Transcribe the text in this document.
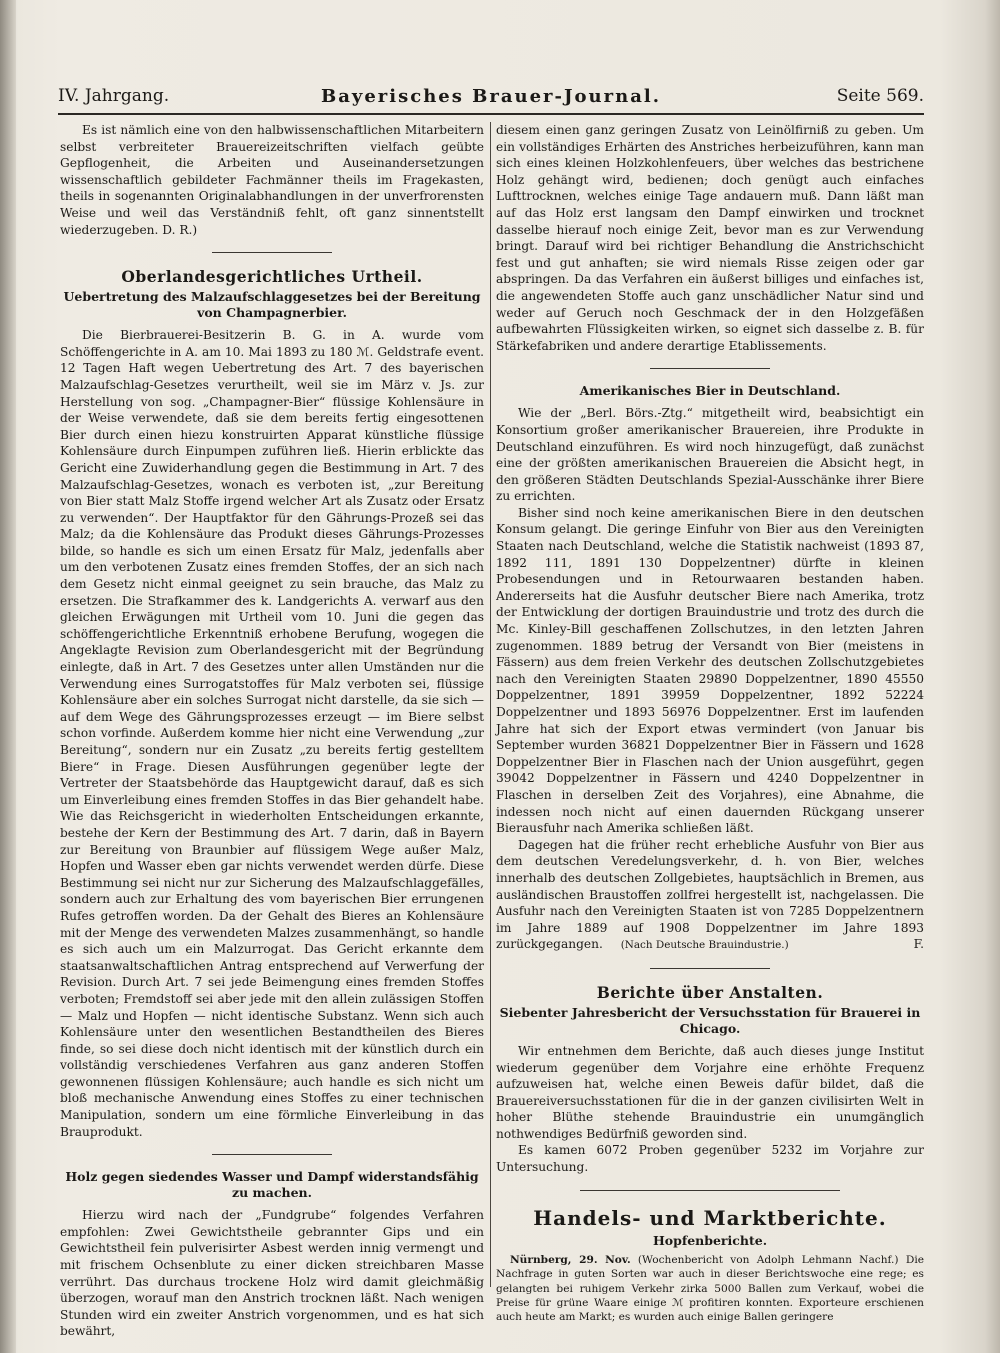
IV. Jahrgang.	Bayerisches Brauer-Journal.	Seite 569.

Es ist nämlich eine von den halbwissenschaftlichen Mitarbeitern selbst verbreiteter Brauereizeitschriften vielfach geübte Gepflogenheit, die Arbeiten und Auseinandersetzungen wissenschaftlich gebildeter Fachmänner theils im Fragekasten, theils in sogenannten Originalabhandlungen in der unverfrorensten Weise und weil das Verständniß fehlt, oft ganz sinnentstellt wiederzugeben. D. R.)

Oberlandesgerichtliches Urtheil.
Uebertretung des Malzaufschlaggesetzes bei der Bereitung von Champagnerbier.

Die Bierbrauerei-Besitzerin B. G. in A. wurde vom Schöffengerichte in A. am 10. Mai 1893 zu 180 ℳ. Geldstrafe event. 12 Tagen Haft wegen Uebertretung des Art. 7 des bayerischen Malzaufschlag-Gesetzes verurtheilt, weil sie im März v. Js. zur Herstellung von sog. „Champagner-Bier“ flüssige Kohlensäure in der Weise verwendete, daß sie dem bereits fertig eingesottenen Bier durch einen hiezu konstruirten Apparat künstliche flüssige Kohlensäure durch Einpumpen zuführen ließ. Hierin erblickte das Gericht eine Zuwiderhandlung gegen die Bestimmung in Art. 7 des Malzaufschlag-Gesetzes, wonach es verboten ist, „zur Bereitung von Bier statt Malz Stoffe irgend welcher Art als Zusatz oder Ersatz zu verwenden“. Der Hauptfaktor für den Gährungs-Prozeß sei das Malz; da die Kohlensäure das Produkt dieses Gährungs-Prozesses bilde, so handle es sich um einen Ersatz für Malz, jedenfalls aber um den verbotenen Zusatz eines fremden Stoffes, der an sich nach dem Gesetz nicht einmal geeignet zu sein brauche, das Malz zu ersetzen. Die Strafkammer des k. Landgerichts A. verwarf aus den gleichen Erwägungen mit Urtheil vom 10. Juni die gegen das schöffengerichtliche Erkenntniß erhobene Berufung, wogegen die Angeklagte Revision zum Oberlandesgericht mit der Begründung einlegte, daß in Art. 7 des Gesetzes unter allen Umständen nur die Verwendung eines Surrogatstoffes für Malz verboten sei, flüssige Kohlensäure aber ein solches Surrogat nicht darstelle, da sie sich — auf dem Wege des Gährungsprozesses erzeugt — im Biere selbst schon vorfinde. Außerdem komme hier nicht eine Verwendung „zur Bereitung“, sondern nur ein Zusatz „zu bereits fertig gestelltem Biere“ in Frage. Diesen Ausführungen gegenüber legte der Vertreter der Staatsbehörde das Hauptgewicht darauf, daß es sich um Einverleibung eines fremden Stoffes in das Bier gehandelt habe. Wie das Reichsgericht in wiederholten Entscheidungen erkannte, bestehe der Kern der Bestimmung des Art. 7 darin, daß in Bayern zur Bereitung von Braunbier auf flüssigem Wege außer Malz, Hopfen und Wasser eben gar nichts verwendet werden dürfe. Diese Bestimmung sei nicht nur zur Sicherung des Malzaufschlaggefälles, sondern auch zur Erhaltung des vom bayerischen Bier errungenen Rufes getroffen worden. Da der Gehalt des Bieres an Kohlensäure mit der Menge des verwendeten Malzes zusammenhängt, so handle es sich auch um ein Malzurrogat. Das Gericht erkannte dem staatsanwaltschaftlichen Antrag entsprechend auf Verwerfung der Revision. Durch Art. 7 sei jede Beimengung eines fremden Stoffes verboten; Fremdstoff sei aber jede mit den allein zulässigen Stoffen — Malz und Hopfen — nicht identische Substanz. Wenn sich auch Kohlensäure unter den wesentlichen Bestandtheilen des Bieres finde, so sei diese doch nicht identisch mit der künstlich durch ein vollständig verschiedenes Verfahren aus ganz anderen Stoffen gewonnenen flüssigen Kohlensäure; auch handle es sich nicht um bloß mechanische Anwendung eines Stoffes zu einer technischen Manipulation, sondern um eine förmliche Einverleibung in das Brauprodukt.

Holz gegen siedendes Wasser und Dampf widerstandsfähig zu machen.

Hierzu wird nach der „Fundgrube“ folgendes Verfahren empfohlen: Zwei Gewichtstheile gebrannter Gips und ein Gewichtstheil fein pulverisirter Asbest werden innig vermengt und mit frischem Ochsenblute zu einer dicken streichbaren Masse verrührt. Das durchaus trockene Holz wird damit gleichmäßig überzogen, worauf man den Anstrich trocknen läßt. Nach wenigen Stunden wird ein zweiter Anstrich vorgenommen, und es hat sich bewährt,

diesem einen ganz geringen Zusatz von Leinölfirniß zu geben. Um ein vollständiges Erhärten des Anstriches herbeizuführen, kann man sich eines kleinen Holzkohlenfeuers, über welches das bestrichene Holz gehängt wird, bedienen; doch genügt auch einfaches Lufttrocknen, welches einige Tage andauern muß. Dann läßt man auf das Holz erst langsam den Dampf einwirken und trocknet dasselbe hierauf noch einige Zeit, bevor man es zur Verwendung bringt. Darauf wird bei richtiger Behandlung die Anstrichschicht fest und gut anhaften; sie wird niemals Risse zeigen oder gar abspringen. Da das Verfahren ein äußerst billiges und einfaches ist, die angewendeten Stoffe auch ganz unschädlicher Natur sind und weder auf Geruch noch Geschmack der in den Holzgefäßen aufbewahrten Flüssigkeiten wirken, so eignet sich dasselbe z. B. für Stärkefabriken und andere derartige Etablissements.

Amerikanisches Bier in Deutschland.

Wie der „Berl. Börs.-Ztg.“ mitgetheilt wird, beabsichtigt ein Konsortium großer amerikanischer Brauereien, ihre Produkte in Deutschland einzuführen. Es wird noch hinzugefügt, daß zunächst eine der größten amerikanischen Brauereien die Absicht hegt, in den größeren Städten Deutschlands Spezial-Ausschänke ihrer Biere zu errichten.

Bisher sind noch keine amerikanischen Biere in den deutschen Konsum gelangt. Die geringe Einfuhr von Bier aus den Vereinigten Staaten nach Deutschland, welche die Statistik nachweist (1893 87, 1892 111, 1891 130 Doppelzentner) dürfte in kleinen Probesendungen und in Retourwaaren bestanden haben. Andererseits hat die Ausfuhr deutscher Biere nach Amerika, trotz der Entwicklung der dortigen Brauindustrie und trotz des durch die Mc. Kinley-Bill geschaffenen Zollschutzes, in den letzten Jahren zugenommen. 1889 betrug der Versandt von Bier (meistens in Fässern) aus dem freien Verkehr des deutschen Zollschutzgebietes nach den Vereinigten Staaten 29890 Doppelzentner, 1890 45550 Doppelzentner, 1891 39959 Doppelzentner, 1892 52224 Doppelzentner und 1893 56976 Doppelzentner. Erst im laufenden Jahre hat sich der Export etwas vermindert (von Januar bis September wurden 36821 Doppelzentner Bier in Fässern und 1628 Doppelzentner Bier in Flaschen nach der Union ausgeführt, gegen 39042 Doppelzentner in Fässern und 4240 Doppelzentner in Flaschen in derselben Zeit des Vorjahres), eine Abnahme, die indessen noch nicht auf einen dauernden Rückgang unserer Bierausfuhr nach Amerika schließen läßt.

Dagegen hat die früher recht erhebliche Ausfuhr von Bier aus dem deutschen Veredelungsverkehr, d. h. von Bier, welches innerhalb des deutschen Zollgebietes, hauptsächlich in Bremen, aus ausländischen Braustoffen zollfrei hergestellt ist, nachgelassen. Die Ausfuhr nach den Vereinigten Staaten ist von 7285 Doppelzentnern im Jahre 1889 auf 1908 Doppelzentner im Jahre 1893 zurückgegangen. (Nach Deutsche Brauindustrie.)	F.

Berichte über Anstalten.
Siebenter Jahresbericht der Versuchsstation für Brauerei in Chicago.

Wir entnehmen dem Berichte, daß auch dieses junge Institut wiederum gegenüber dem Vorjahre eine erhöhte Frequenz aufzuweisen hat, welche einen Beweis dafür bildet, daß die Brauereiversuchsstationen für die in der ganzen civilisirten Welt in hoher Blüthe stehende Brauindustrie ein unumgänglich nothwendiges Bedürfniß geworden sind.

Es kamen 6072 Proben gegenüber 5232 im Vorjahre zur Untersuchung.

Handels- und Marktberichte.
Hopfenberichte.

Nürnberg, 29. Nov. (Wochenbericht von Adolph Lehmann Nachf.) Die Nachfrage in guten Sorten war auch in dieser Berichtswoche eine rege; es gelangten bei ruhigem Verkehr zirka 5000 Ballen zum Verkauf, wobei die Preise für grüne Waare einige ℳ profitiren konnten. Exporteure erschienen auch heute am Markt; es wurden auch einige Ballen geringere
